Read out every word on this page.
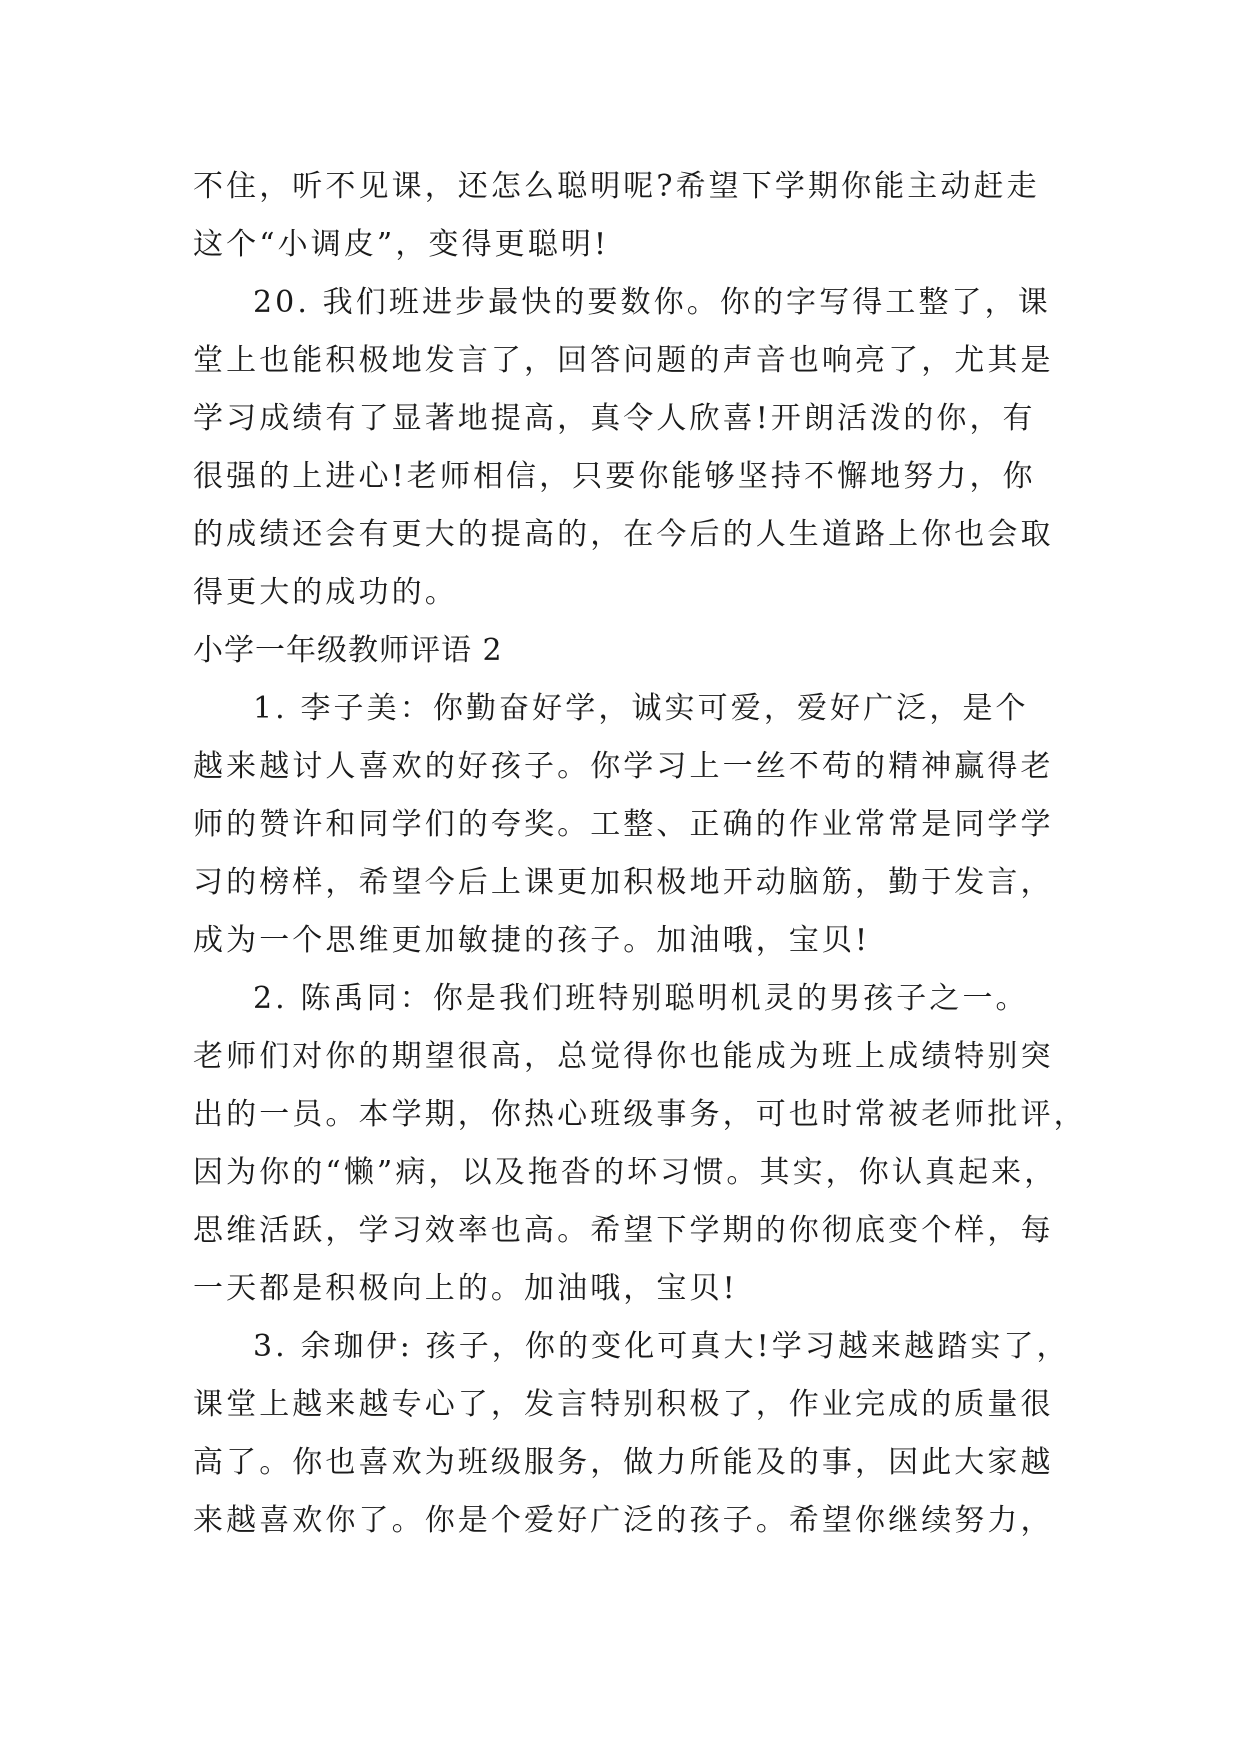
不住，听不见课，还怎么聪明呢?希望下学期你能主动赶走
这个“小调皮”，变得更聪明!
20. 我们班进步最快的要数你。你的字写得工整了，课
堂上也能积极地发言了，回答问题的声音也响亮了，尤其是
学习成绩有了显著地提高，真令人欣喜!开朗活泼的你，有
很强的上进心!老师相信，只要你能够坚持不懈地努力，你
的成绩还会有更大的提高的，在今后的人生道路上你也会取
得更大的成功的。
小学一年级教师评语 2
1. 李子美：你勤奋好学，诚实可爱，爱好广泛，是个
越来越讨人喜欢的好孩子。你学习上一丝不苟的精神赢得老
师的赞许和同学们的夸奖。工整、正确的作业常常是同学学
习的榜样，希望今后上课更加积极地开动脑筋，勤于发言，
成为一个思维更加敏捷的孩子。加油哦，宝贝!
2. 陈禹同：你是我们班特别聪明机灵的男孩子之一。
老师们对你的期望很高，总觉得你也能成为班上成绩特别突
出的一员。本学期，你热心班级事务，可也时常被老师批评，
因为你的“懒”病，以及拖沓的坏习惯。其实，你认真起来，
思维活跃，学习效率也高。希望下学期的你彻底变个样，每
一天都是积极向上的。加油哦，宝贝!
3. 余珈伊: 孩子，你的变化可真大!学习越来越踏实了，
课堂上越来越专心了，发言特别积极了，作业完成的质量很
高了。你也喜欢为班级服务，做力所能及的事，因此大家越
来越喜欢你了。你是个爱好广泛的孩子。希望你继续努力，
